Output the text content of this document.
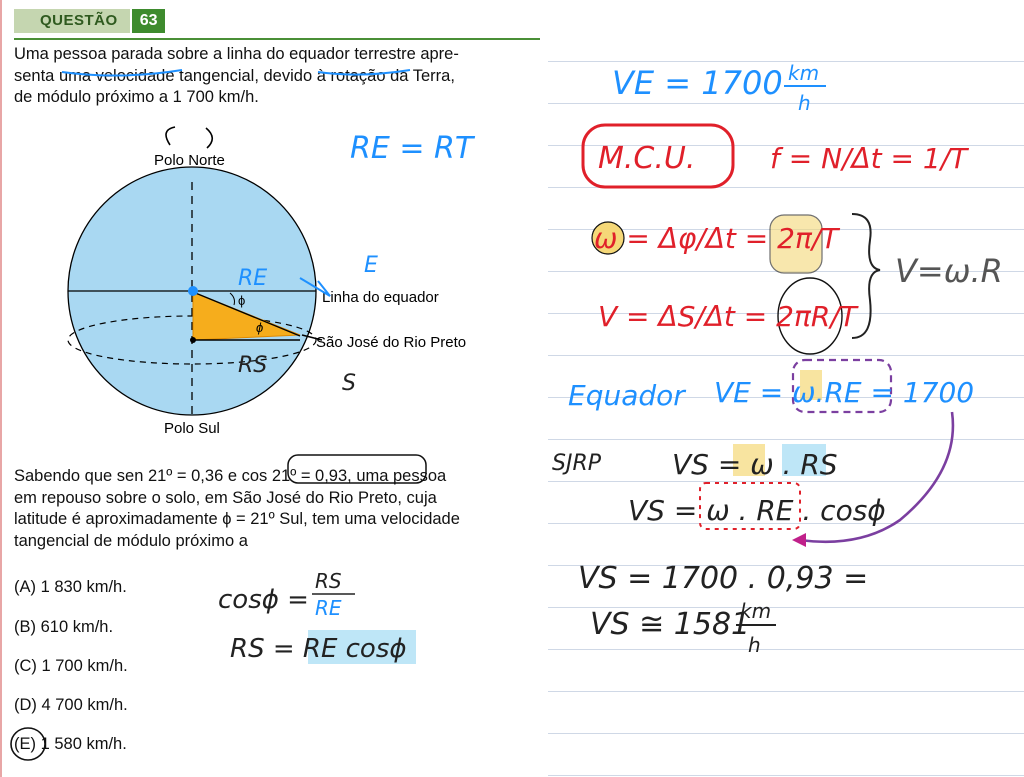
QUESTÃO	63

Uma pessoa parada sobre a linha do equador terrestre apre-

senta uma velocidade tangencial, devido à rotação da Terra,

de módulo próximo a 1 700 km/h.

Sabendo que sen 21º = 0,36 e cos 21º = 0,93, uma pessoa

em repouso sobre o solo, em São José do Rio Preto, cuja

latitude é aproximadamente ϕ = 21º Sul, tem uma velocidade

tangencial de módulo próximo a

(A) 1 830 km/h.
(B) 610 km/h.
(C) 1 700 km/h.
(D) 4 700 km/h.
(E) 1 580 km/h.
ϕ
ϕ
Polo Norte
Polo Sul
Linha do equador
São José do Rio Preto
RE = RT
RE
E
RS
S
cosϕ =
RS
RE
RS = RE cosϕ
VE = 1700 km
h
M.C.U.	f = N/Δt = 1/T
ω = Δφ/Δt = 2π/T
V = ΔS/Δt = 2πR/T
V=ω.R
Equador VE = ω.RE = 1700
SJRP	VS = ω . RS
VS = ω . RE . cosϕ
VS = 1700 . 0,93 =
VS ≅ 1581
km
h
